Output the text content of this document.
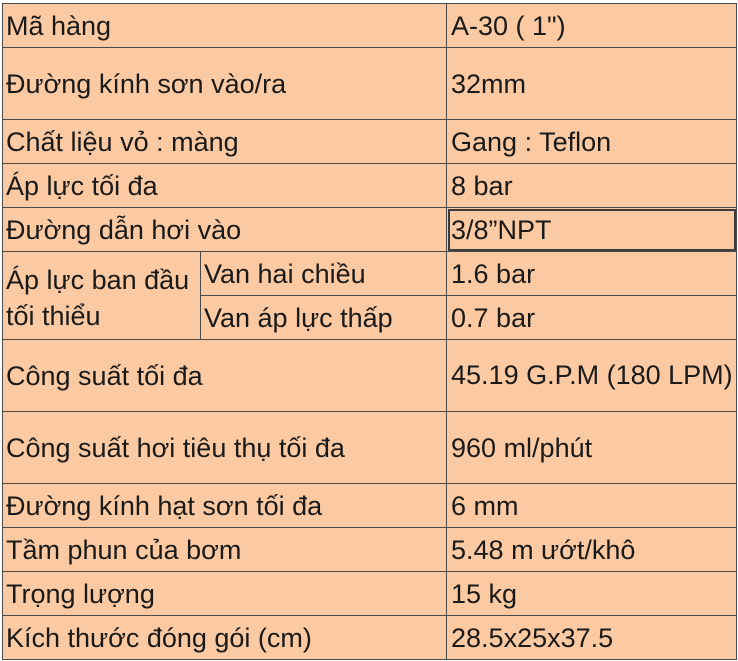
Mã hàng		A-30 ( 1")
Đường kính sơn vào/ra		32mm
Chất liệu vỏ : màng		Gang : Teflon
Áp lực tối đa		8 bar
Đường dẫn hơi vào		3/8”NPT
Áp lực ban đầu tối thiểu	Van hai chiều	1.6 bar
	Van áp lực thấp	0.7 bar
Công suất tối đa		45.19 G.P.M (180 LPM)
Công suất hơi tiêu thụ tối đa		960 ml/phút
Đường kính hạt sơn tối đa		6 mm
Tầm phun của bơm		5.48 m ướt/khô
Trọng lượng		15 kg
Kích thước đóng gói (cm)		28.5x25x37.5
